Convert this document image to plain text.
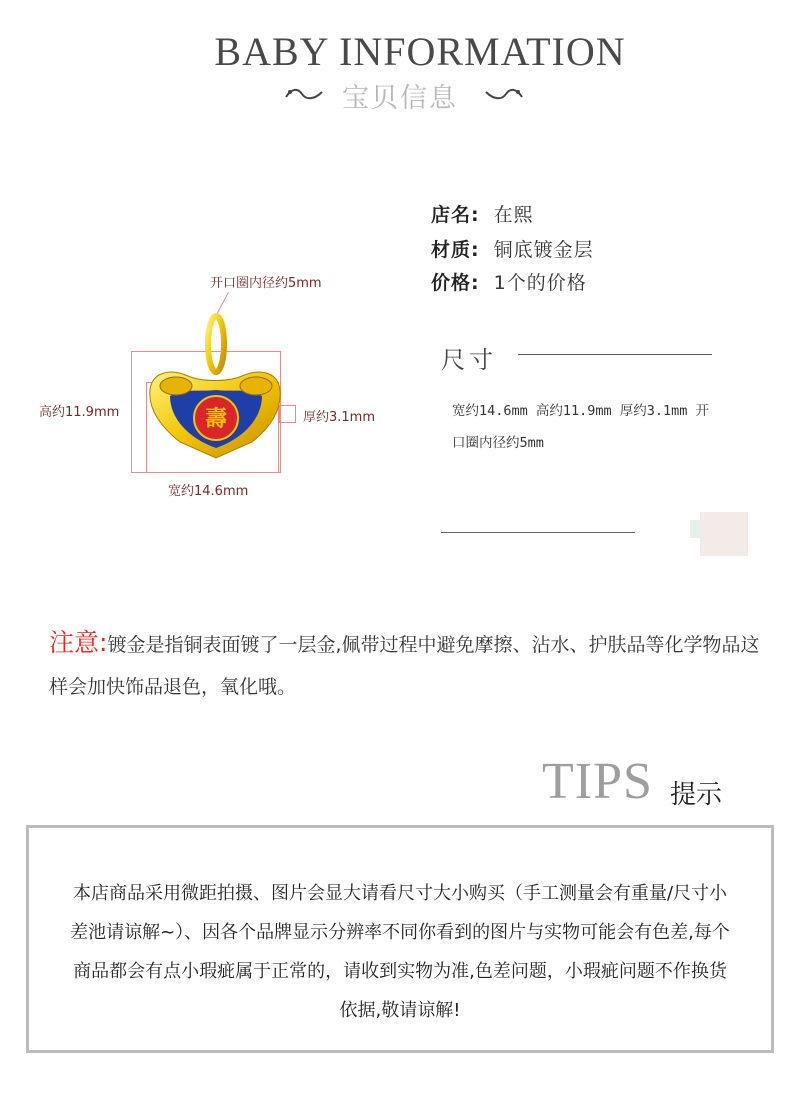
BABY INFORMATION
宝贝信息
开口圈内径约5mm
高约11.9mm	厚约3.1mm
宽约14.6mm
壽
店名: 在熙
材质: 铜底镀金层
价格: 1个的价格
尺寸
宽约14.6mm 高约11.9mm 厚约3.1mm 开口圈内径约5mm
注意:镀金是指铜表面镀了一层金,佩带过程中避免摩擦、沾水、护肤品等化学物品这样会加快饰品退色，氧化哦。
TIPS 提示
本店商品采用微距拍摄、图片会显大请看尺寸大小购买（手工测量会有重量/尺寸小差池请谅解~）、因各个品牌显示分辨率不同你看到的图片与实物可能会有色差,每个商品都会有点小瑕疵属于正常的，请收到实物为准,色差问题，小瑕疵问题不作换货依据,敬请谅解!
